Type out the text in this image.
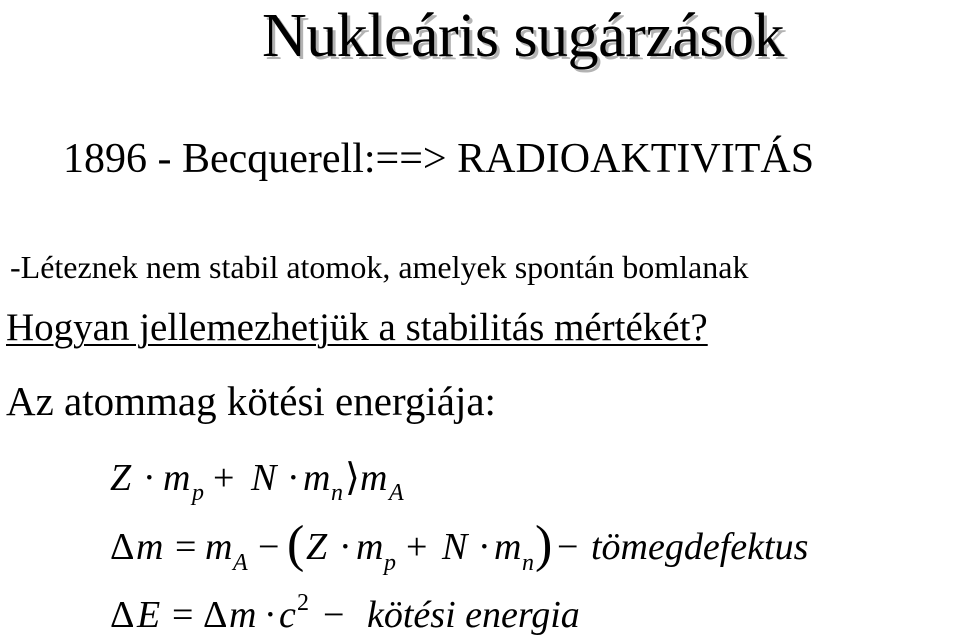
Nukleáris sugárzások
1896 - Becquerell:==> RADIOAKTIVITÁS
-Léteznek nem stabil atomok, amelyek spontán bomlanak
Hogyan jellemezhetjük a stabilitás mértékét?
Az atommag kötési energiája:
Z · m p + N · m n ⟩ m A
Δ m = m A − ( Z · m p + N · m n ) − tömegdefektus
Δ E = Δ m · c 2 − kötési energia
